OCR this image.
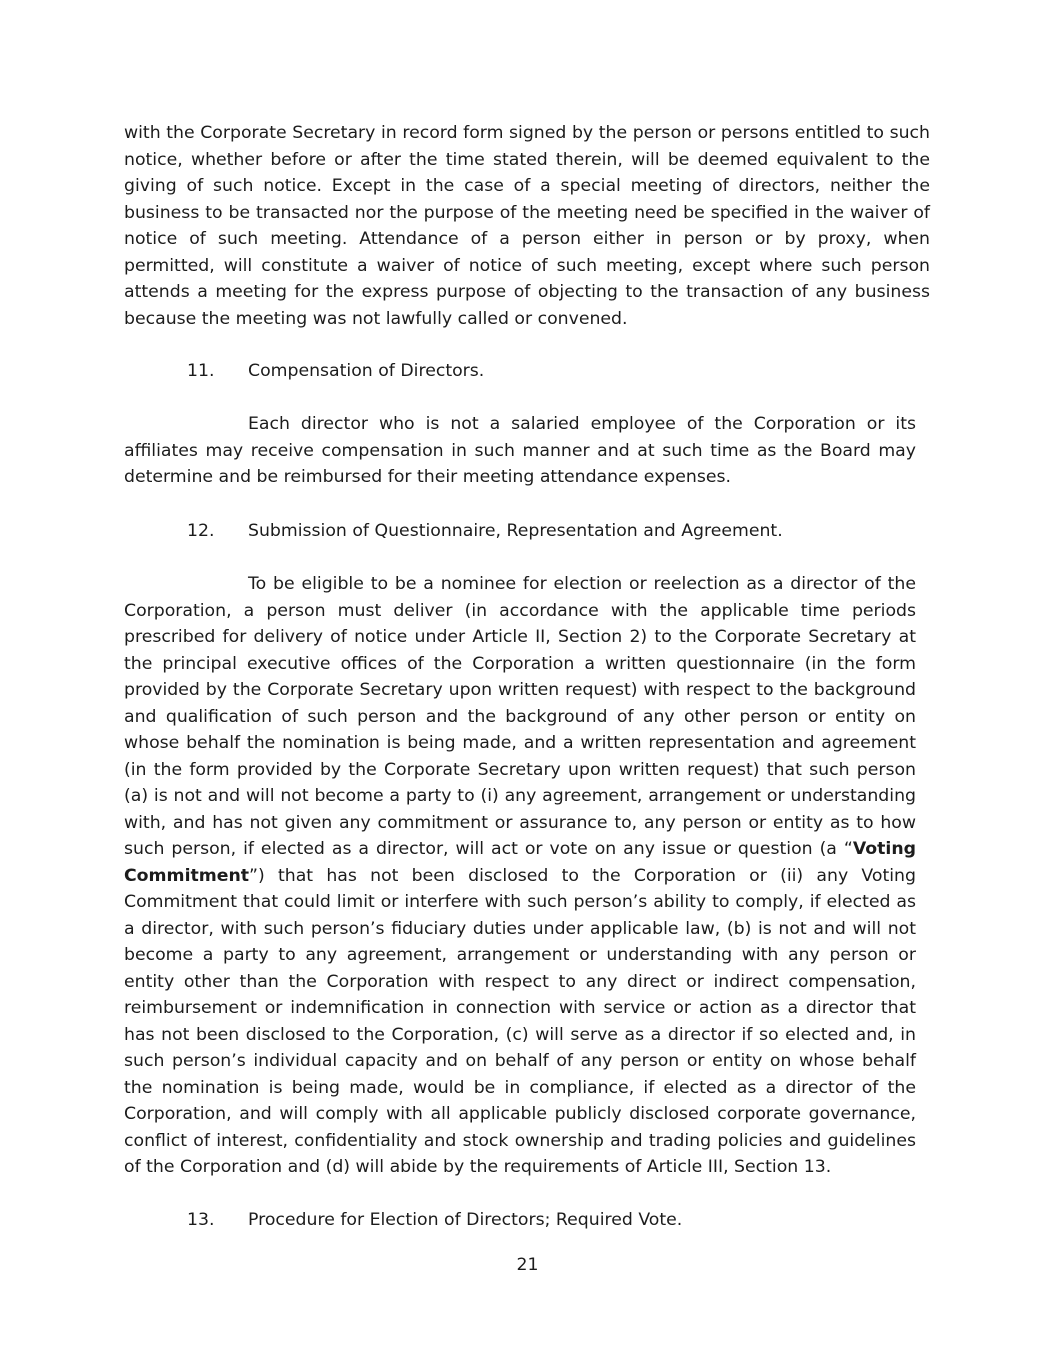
with the Corporate Secretary in record form signed by the person or persons entitled to such notice, whether before or after the time stated therein, will be deemed equivalent to the giving of such notice. Except in the case of a special meeting of directors, neither the business to be transacted nor the purpose of the meeting need be specified in the waiver of notice of such meeting. Attendance of a person either in person or by proxy, when permitted, will constitute a waiver of notice of such meeting, except where such person attends a meeting for the express purpose of objecting to the transaction of any business because the meeting was not lawfully called or convened.

11. Compensation of Directors.

Each director who is not a salaried employee of the Corporation or its affiliates may receive compensation in such manner and at such time as the Board may determine and be reimbursed for their meeting attendance expenses.

12. Submission of Questionnaire, Representation and Agreement.

To be eligible to be a nominee for election or reelection as a director of the Corporation, a person must deliver (in accordance with the applicable time periods prescribed for delivery of notice under Article II, Section 2) to the Corporate Secretary at the principal executive offices of the Corporation a written questionnaire (in the form provided by the Corporate Secretary upon written request) with respect to the background and qualification of such person and the background of any other person or entity on whose behalf the nomination is being made, and a written representation and agreement (in the form provided by the Corporate Secretary upon written request) that such person (a) is not and will not become a party to (i) any agreement, arrangement or understanding with, and has not given any commitment or assurance to, any person or entity as to how such person, if elected as a director, will act or vote on any issue or question (a “Voting Commitment”) that has not been disclosed to the Corporation or (ii) any Voting Commitment that could limit or interfere with such person’s ability to comply, if elected as a director, with such person’s fiduciary duties under applicable law, (b) is not and will not become a party to any agreement, arrangement or understanding with any person or entity other than the Corporation with respect to any direct or indirect compensation, reimbursement or indemnification in connection with service or action as a director that has not been disclosed to the Corporation, (c) will serve as a director if so elected and, in such person’s individual capacity and on behalf of any person or entity on whose behalf the nomination is being made, would be in compliance, if elected as a director of the Corporation, and will comply with all applicable publicly disclosed corporate governance, conflict of interest, confidentiality and stock ownership and trading policies and guidelines of the Corporation and (d) will abide by the requirements of Article III, Section 13.

13. Procedure for Election of Directors; Required Vote.
21
